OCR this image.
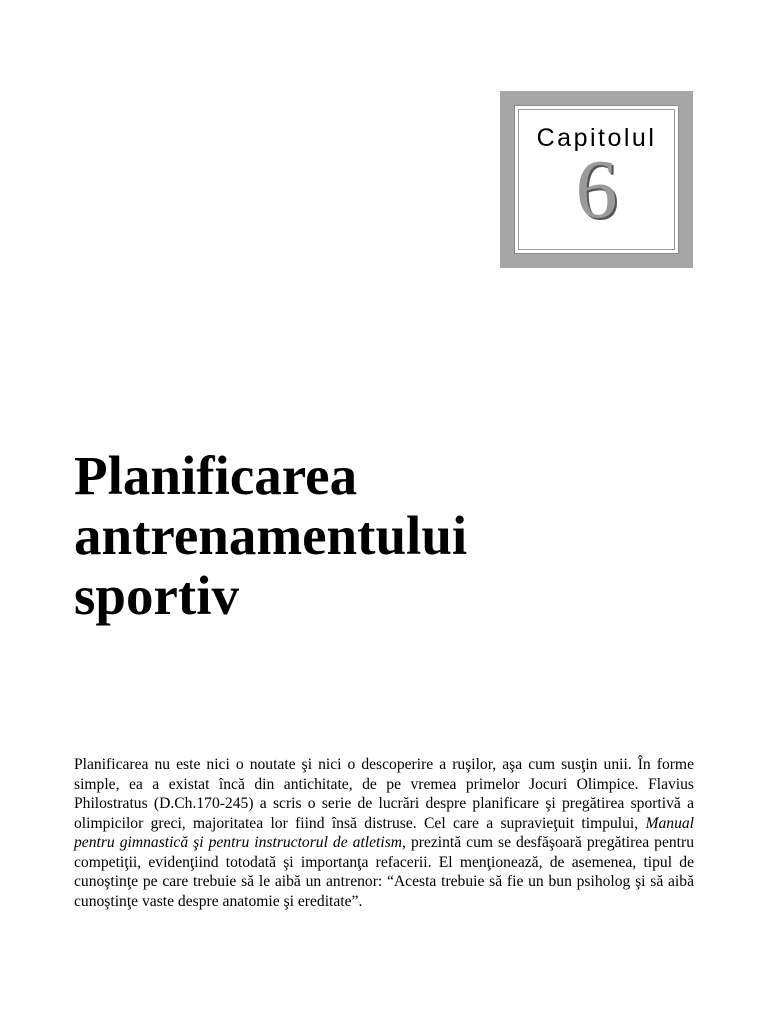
Capitolul
6
Planificarea
antrenamentului
sportiv

Planificarea nu este nici o noutate şi nici o descoperire a ruşilor, aşa cum susţin unii. În forme simple, ea a existat încă din antichitate, de pe vremea primelor Jocuri Olimpice. Flavius Philostratus (D.Ch.170-245) a scris o serie de lucrări despre planificare şi pregătirea sportivă a olimpicilor greci, majoritatea lor fiind însă distruse. Cel care a supravieţuit timpului, Manual pentru gimnastică şi pentru instructorul de atletism, prezintă cum se desfăşoară pregătirea pentru competiţii, evidenţiind totodată şi importanţa refacerii. El menţionează, de asemenea, tipul de cunoştinţe pe care trebuie să le aibă un antrenor: “Acesta trebuie să fie un bun psiholog şi să aibă cunoştinţe vaste despre anatomie şi ereditate”.
